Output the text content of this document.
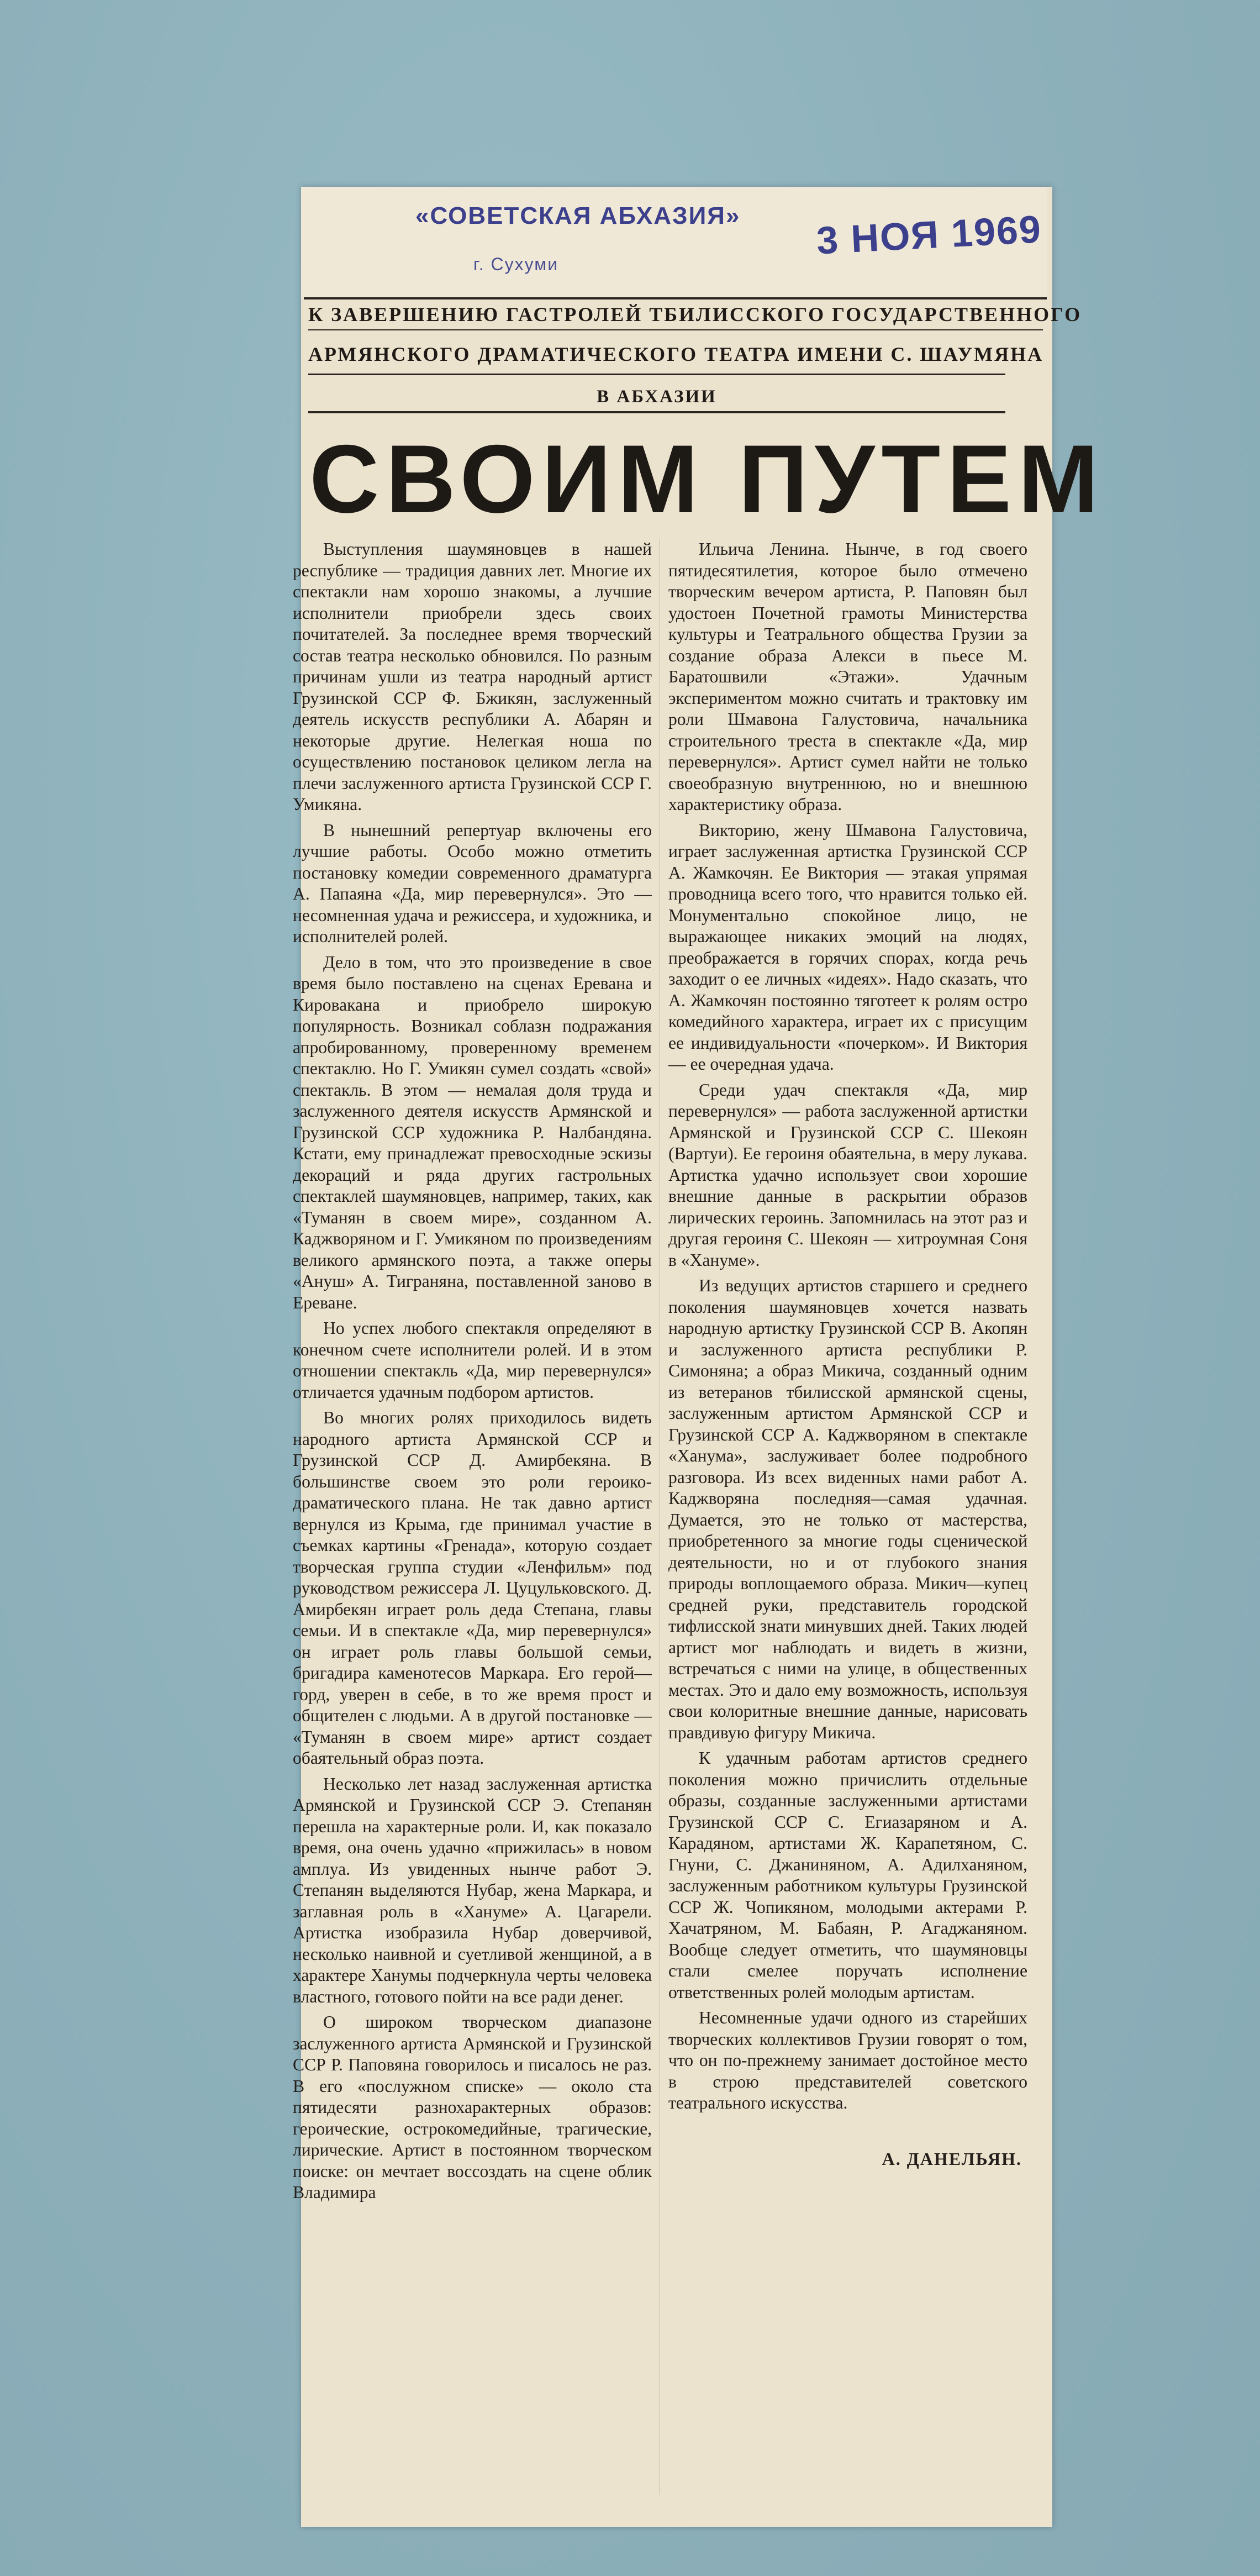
«СОВЕТСКАЯ АБХАЗИЯ»
г. Сухуми
3 НОЯ 1969
К ЗАВЕРШЕНИЮ ГАСТРОЛЕЙ ТБИЛИССКОГО ГОСУДАРСТВЕННОГО
АРМЯНСКОГО ДРАМАТИЧЕСКОГО ТЕАТРА ИМЕНИ С. ШАУМЯНА
В АБХАЗИИ
СВОИМ ПУТЕМ

Выступления шаумяновцев в нашей республике — традиция давних лет. Многие их спектакли нам хорошо знакомы, а лучшие исполнители приобрели здесь своих почитателей. За последнее время творческий состав театра несколько обновился. По разным причинам ушли из театра народный артист Грузинской ССР Ф. Бжикян, заслуженный деятель искусств республики А. Абарян и некоторые другие. Нелегкая ноша по осуществлению постановок целиком легла на плечи заслуженного артиста Грузинской ССР Г. Умикяна.

В нынешний репертуар включены его лучшие работы. Особо можно отметить постановку комедии современного драматурга А. Папаяна «Да, мир перевернулся». Это — несомненная удача и режиссера, и художника, и исполнителей ролей.

Дело в том, что это произведение в свое время было поставлено на сценах Еревана и Кировакана и приобрело широкую популярность. Возникал соблазн подражания апробированному, проверенному временем спектаклю. Но Г. Умикян сумел создать «свой» спектакль. В этом — немалая доля труда и заслуженного деятеля искусств Армянской и Грузинской ССР художника Р. Налбандяна. Кстати, ему принадлежат превосходные эскизы декораций и ряда других гастрольных спектаклей шаумяновцев, например, таких, как «Туманян в своем мире», созданном А. Каджворяном и Г. Умикяном по произведениям великого армянского поэта, а также оперы «Ануш» А. Тиграняна, поставленной заново в Ереване.

Но успех любого спектакля определяют в конечном счете исполнители ролей. И в этом отношении спектакль «Да, мир перевернулся» отличается удачным подбором артистов.

Во многих ролях приходилось видеть народного артиста Армянской ССР и Грузинской ССР Д. Амирбекяна. В большинстве своем это роли героико-драматического плана. Не так давно артист вернулся из Крыма, где принимал участие в съемках картины «Гренада», которую создает творческая группа студии «Ленфильм» под руководством режиссера Л. Цуцульковского. Д. Амирбекян играет роль деда Степана, главы семьи. И в спектакле «Да, мир перевернулся» он играет роль главы большой семьи, бригадира каменотесов Маркара. Его герой—горд, уверен в себе, в то же время прост и общителен с людьми. А в другой постановке — «Туманян в своем мире» артист создает обаятельный образ поэта.

Несколько лет назад заслуженная артистка Армянской и Грузинской ССР Э. Степанян перешла на характерные роли. И, как показало время, она очень удачно «прижилась» в новом амплуа. Из увиденных нынче работ Э. Степанян выделяются Нубар, жена Маркара, и заглавная роль в «Хануме» А. Цагарели. Артистка изобразила Нубар доверчивой, несколько наивной и суетливой женщиной, а в характере Ханумы подчеркнула черты человека властного, готового пойти на все ради денег.

О широком творческом диапазоне заслуженного артиста Армянской и Грузинской ССР Р. Паповяна говорилось и писалось не раз. В его «послужном списке» — около ста пятидесяти разнохарактерных образов: героические, острокомедийные, трагические, лирические. Артист в постоянном творческом поиске: он мечтает воссоздать на сцене облик Владимира

Ильича Ленина. Нынче, в год своего пятидесятилетия, которое было отмечено творческим вечером артиста, Р. Паповян был удостоен Почетной грамоты Министерства культуры и Театрального общества Грузии за создание образа Алекси в пьесе М. Баратошвили «Этажи». Удачным экспериментом можно считать и трактовку им роли Шмавона Галустовича, начальника строительного треста в спектакле «Да, мир перевернулся». Артист сумел найти не только своеобразную внутреннюю, но и внешнюю характеристику образа.

Викторию, жену Шмавона Галустовича, играет заслуженная артистка Грузинской ССР А. Жамкочян. Ее Виктория — этакая упрямая проводница всего того, что нравится только ей. Монументально спокойное лицо, не выражающее никаких эмоций на людях, преображается в горячих спорах, когда речь заходит о ее личных «идеях». Надо сказать, что А. Жамкочян постоянно тяготеет к ролям остро комедийного характера, играет их с присущим ее индивидуальности «почерком». И Виктория — ее очередная удача.

Среди удач спектакля «Да, мир перевернулся» — работа заслуженной артистки Армянской и Грузинской ССР С. Шекоян (Вартуи). Ее героиня обаятельна, в меру лукава. Артистка удачно использует свои хорошие внешние данные в раскрытии образов лирических героинь. Запомнилась на этот раз и другая героиня С. Шекоян — хитроумная Соня в «Хануме».

Из ведущих артистов старшего и среднего поколения шаумяновцев хочется назвать народную артистку Грузинской ССР В. Акопян и заслуженного артиста республики Р. Симоняна; а образ Микича, созданный одним из ветеранов тбилисской армянской сцены, заслуженным артистом Армянской ССР и Грузинской ССР А. Каджворяном в спектакле «Ханума», заслуживает более подробного разговора. Из всех виденных нами работ А. Каджворяна последняя—самая удачная. Думается, это не только от мастерства, приобретенного за многие годы сценической деятельности, но и от глубокого знания природы воплощаемого образа. Микич—купец средней руки, представитель городской тифлисской знати минувших дней. Таких людей артист мог наблюдать и видеть в жизни, встречаться с ними на улице, в общественных местах. Это и дало ему возможность, используя свои колоритные внешние данные, нарисовать правдивую фигуру Микича.

К удачным работам артистов среднего поколения можно причислить отдельные образы, созданные заслуженными артистами Грузинской ССР С. Егиазаряном и А. Карадяном, артистами Ж. Карапетяном, С. Гнуни, С. Джаниняном, А. Адилханяном, заслуженным работником культуры Грузинской ССР Ж. Чопикяном, молодыми актерами Р. Хачатряном, М. Бабаян, Р. Агаджаняном. Вообще следует отметить, что шаумяновцы стали смелее поручать исполнение ответственных ролей молодым артистам.

Несомненные удачи одного из старейших творческих коллективов Грузии говорят о том, что он по-прежнему занимает достойное место в строю представителей советского театрального искусства.

А. ДАНЕЛЬЯН.
